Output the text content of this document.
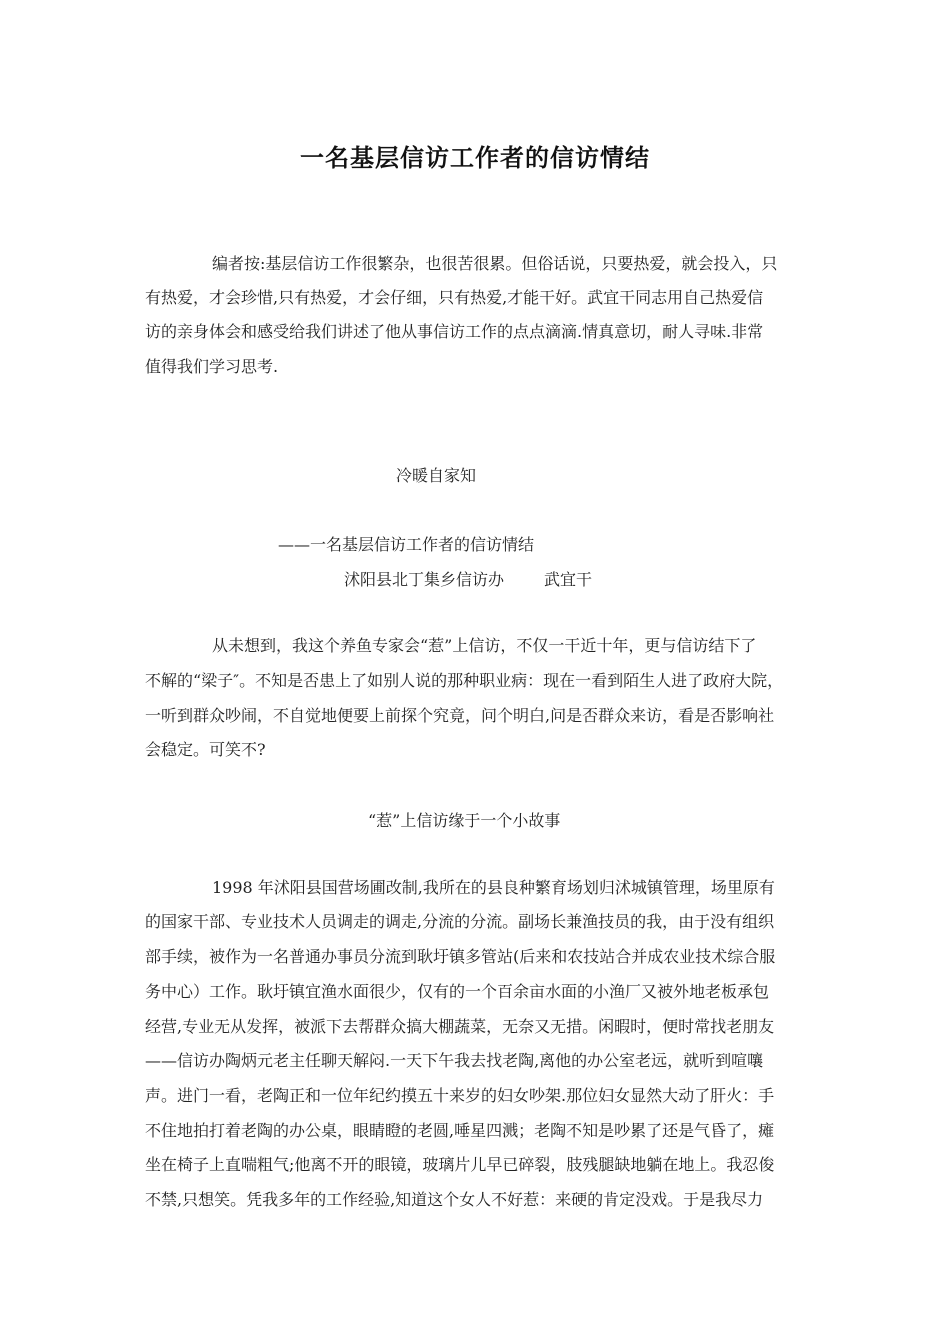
一名基层信访工作者的信访情结
编者按:基层信访工作很繁杂，也很苦很累。但俗话说，只要热爱，就会投入，只
有热爱，才会珍惜,只有热爱，才会仔细，只有热爱,才能干好。武宜干同志用自己热爱信
访的亲身体会和感受给我们讲述了他从事信访工作的点点滴滴.情真意切，耐人寻味.非常
值得我们学习思考.
冷暖自家知
——一名基层信访工作者的信访情结
沭阳县北丁集乡信访办	武宜干
从未想到，我这个养鱼专家会“惹”上信访，不仅一干近十年，更与信访结下了
不解的“梁子″。不知是否患上了如别人说的那种职业病：现在一看到陌生人进了政府大院，
一听到群众吵闹，不自觉地便要上前探个究竟，问个明白,问是否群众来访，看是否影响社
会稳定。可笑不?
“惹”上信访缘于一个小故事
1998 年沭阳县国营场圃改制,我所在的县良种繁育场划归沭城镇管理，场里原有
的国家干部、专业技术人员调走的调走,分流的分流。副场长兼渔技员的我，由于没有组织
部手续，被作为一名普通办事员分流到耿圩镇多管站(后来和农技站合并成农业技术综合服
务中心）工作。耿圩镇宜渔水面很少，仅有的一个百余亩水面的小渔厂又被外地老板承包
经营,专业无从发挥，被派下去帮群众搞大棚蔬菜，无奈又无措。闲暇时，便时常找老朋友
——信访办陶炳元老主任聊天解闷.一天下午我去找老陶,离他的办公室老远，就听到喧嚷
声。进门一看，老陶正和一位年纪约摸五十来岁的妇女吵架.那位妇女显然大动了肝火：手
不住地拍打着老陶的办公桌，眼睛瞪的老圆,唾星四溅；老陶不知是吵累了还是气昏了，瘫
坐在椅子上直喘粗气;他离不开的眼镜，玻璃片儿早已碎裂，肢残腿缺地躺在地上。我忍俊
不禁,只想笑。凭我多年的工作经验,知道这个女人不好惹：来硬的肯定没戏。于是我尽力
